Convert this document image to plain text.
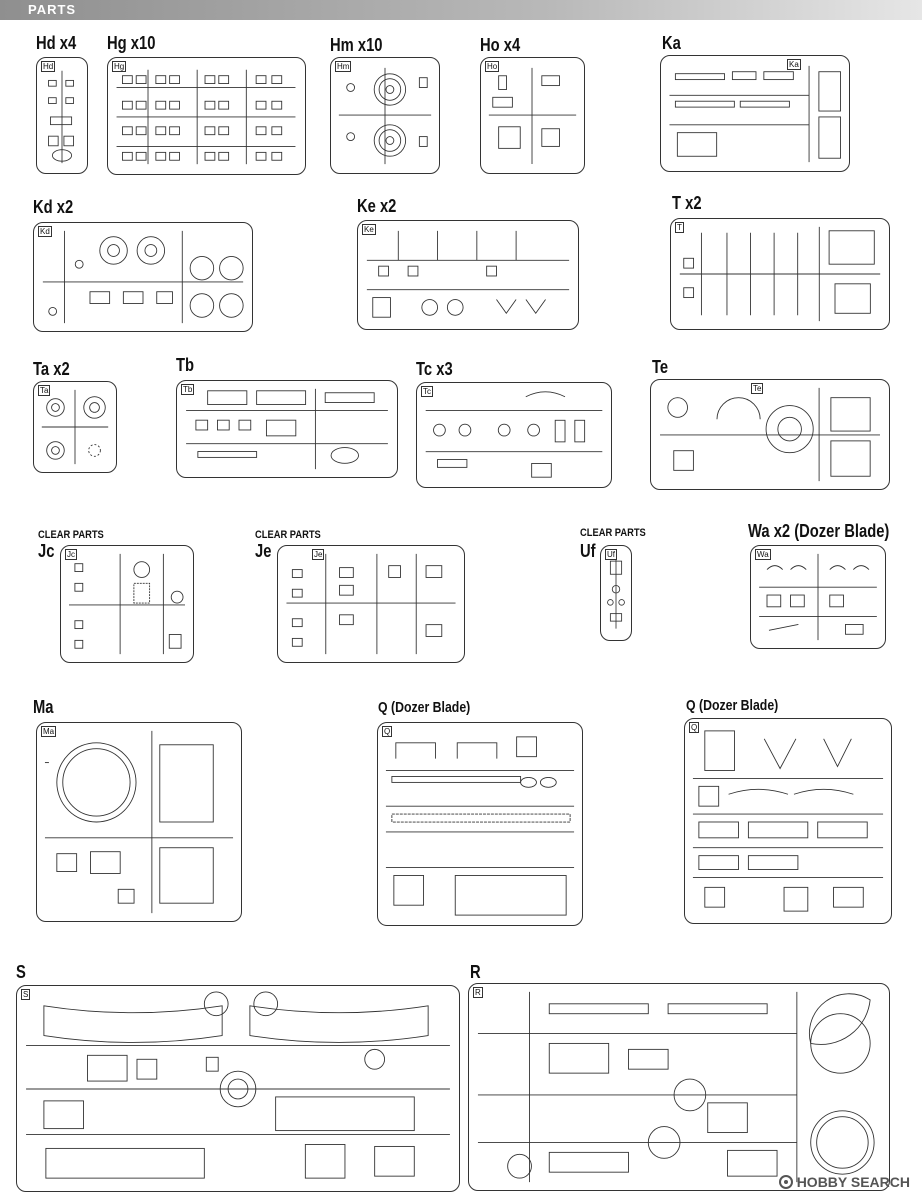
PARTS
Hd x4 Hg x10	Hm x10	Ho x4	Ka
Hd	Hg	Hm	Ho	Ka
Kd x2	Ke x2	T x2
Kd	Ke	T
Ta x2	Tb	Tc x3	Te
Ta	Tb	Tc	Te
CLEAR PARTS
Jc
CLEAR PARTS
Je
CLEAR PARTS
Uf
Wa x2 (Dozer Blade)
Jc	Je	Uf	Wa
Ma	Q (Dozer Blade)	Q (Dozer Blade)
Ma	Q	Q
S	R
S	R
HOBBY SEARCH
